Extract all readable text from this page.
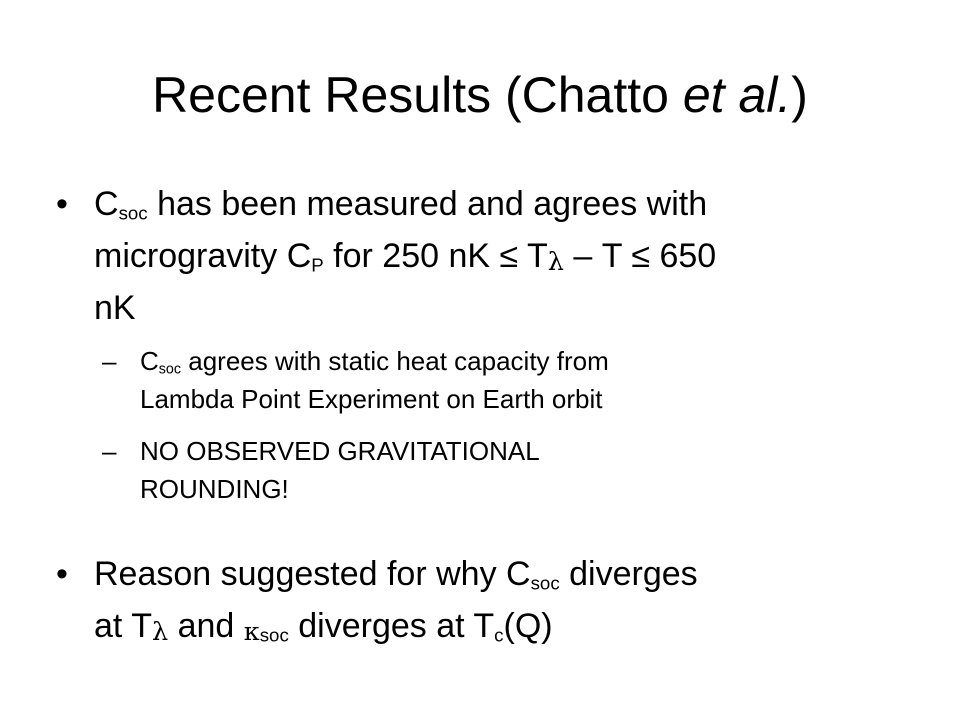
Recent Results (Chatto et al.)
• Csoc has been measured and agrees with
microgravity CP for 250 nK ≤ Tλ – T ≤ 650
nK
– Csoc agrees with static heat capacity from
Lambda Point Experiment on Earth orbit
– NO OBSERVED GRAVITATIONAL
ROUNDING!
• Reason suggested for why Csoc diverges
at Tλ and κsoc diverges at Tc(Q)
